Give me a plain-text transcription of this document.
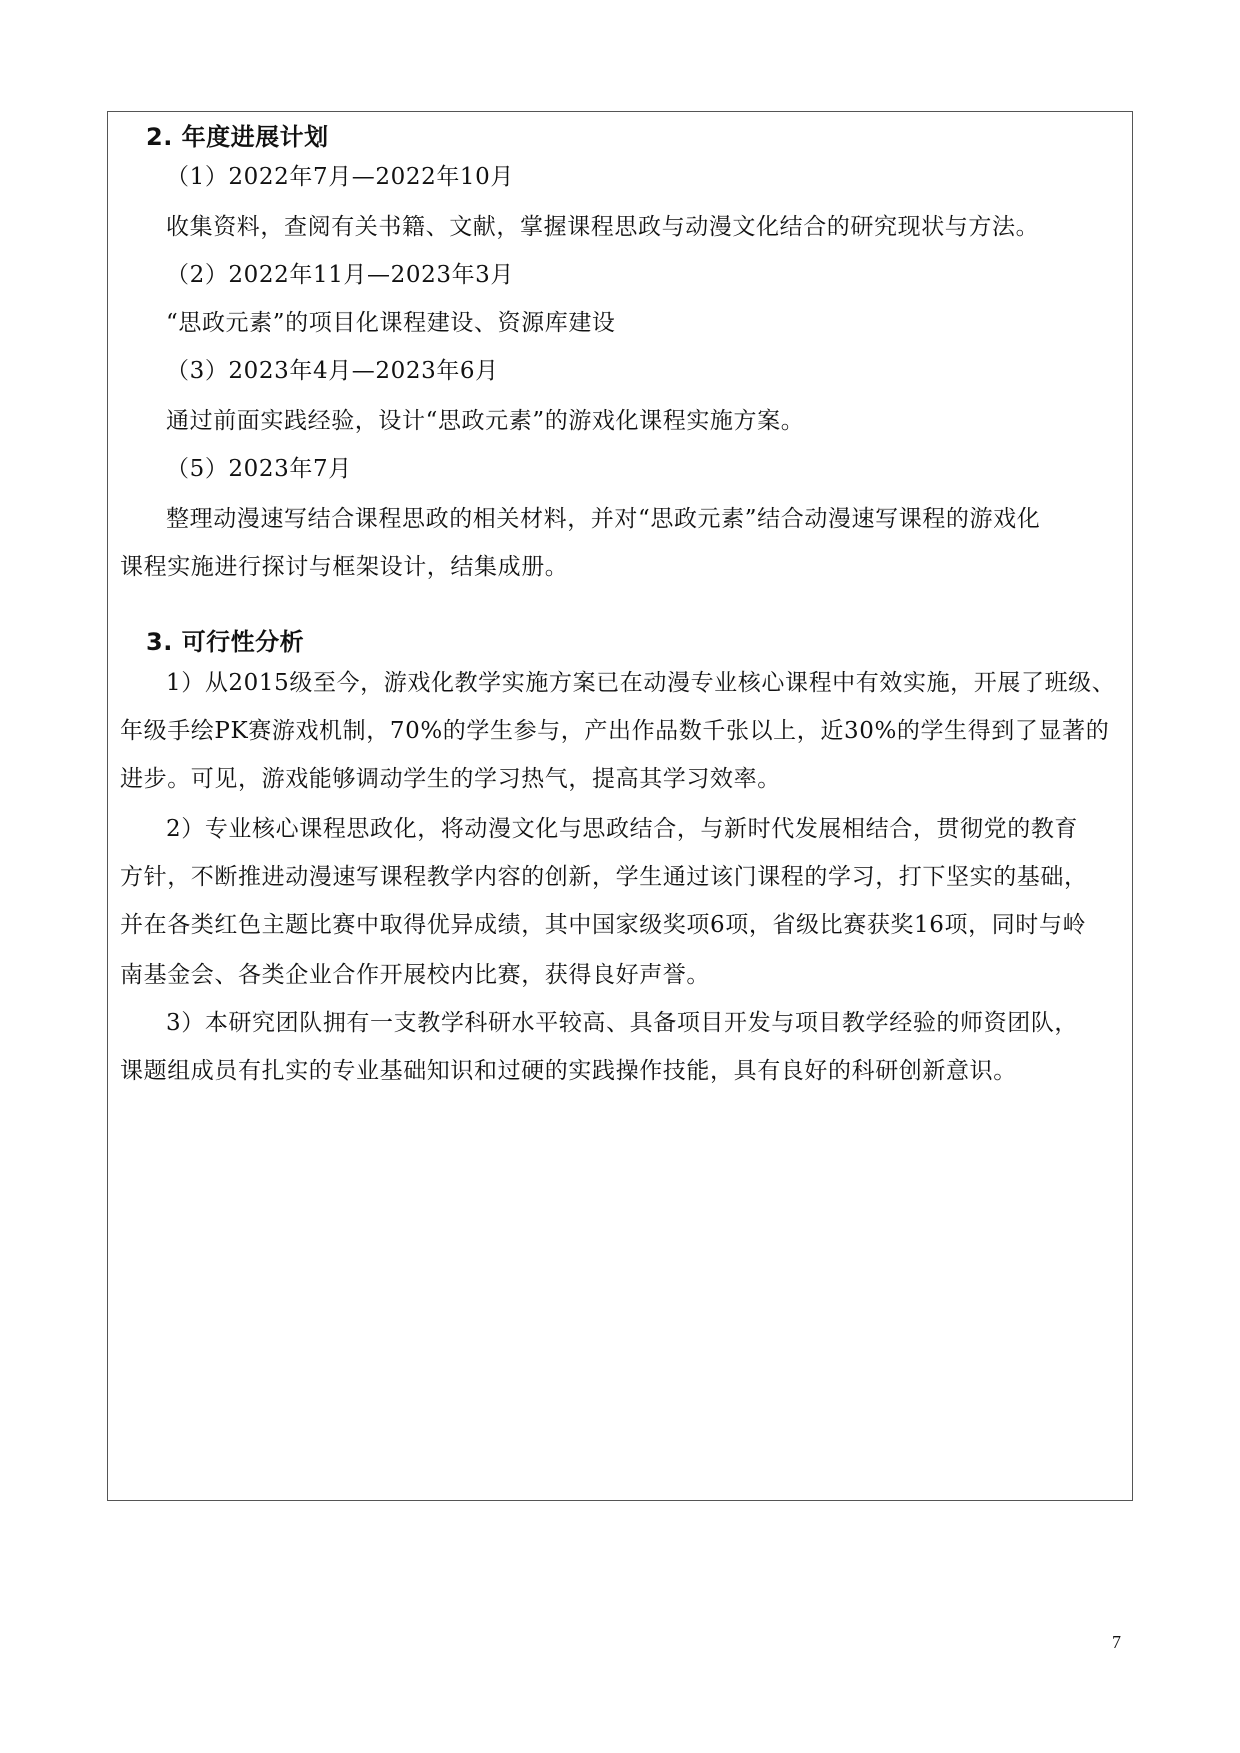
2. 年度进展计划
（1）2022年7月—2022年10月
收集资料，查阅有关书籍、文献，掌握课程思政与动漫文化结合的研究现状与方法。
（2）2022年11月—2023年3月
“思政元素”的项目化课程建设、资源库建设
（3）2023年4月—2023年6月
通过前面实践经验，设计“思政元素”的游戏化课程实施方案。
（5）2023年7月
整理动漫速写结合课程思政的相关材料，并对“思政元素”结合动漫速写课程的游戏化
课程实施进行探讨与框架设计，结集成册。
3. 可行性分析
1）从2015级至今，游戏化教学实施方案已在动漫专业核心课程中有效实施，开展了班级、
年级手绘PK赛游戏机制，70%的学生参与，产出作品数千张以上，近30%的学生得到了显著的
进步。可见，游戏能够调动学生的学习热气，提高其学习效率。
2）专业核心课程思政化，将动漫文化与思政结合，与新时代发展相结合，贯彻党的教育
方针，不断推进动漫速写课程教学内容的创新，学生通过该门课程的学习，打下坚实的基础，
并在各类红色主题比赛中取得优异成绩，其中国家级奖项6项，省级比赛获奖16项，同时与岭
南基金会、各类企业合作开展校内比赛，获得良好声誉。
3）本研究团队拥有一支教学科研水平较高、具备项目开发与项目教学经验的师资团队，
课题组成员有扎实的专业基础知识和过硬的实践操作技能，具有良好的科研创新意识。
7
